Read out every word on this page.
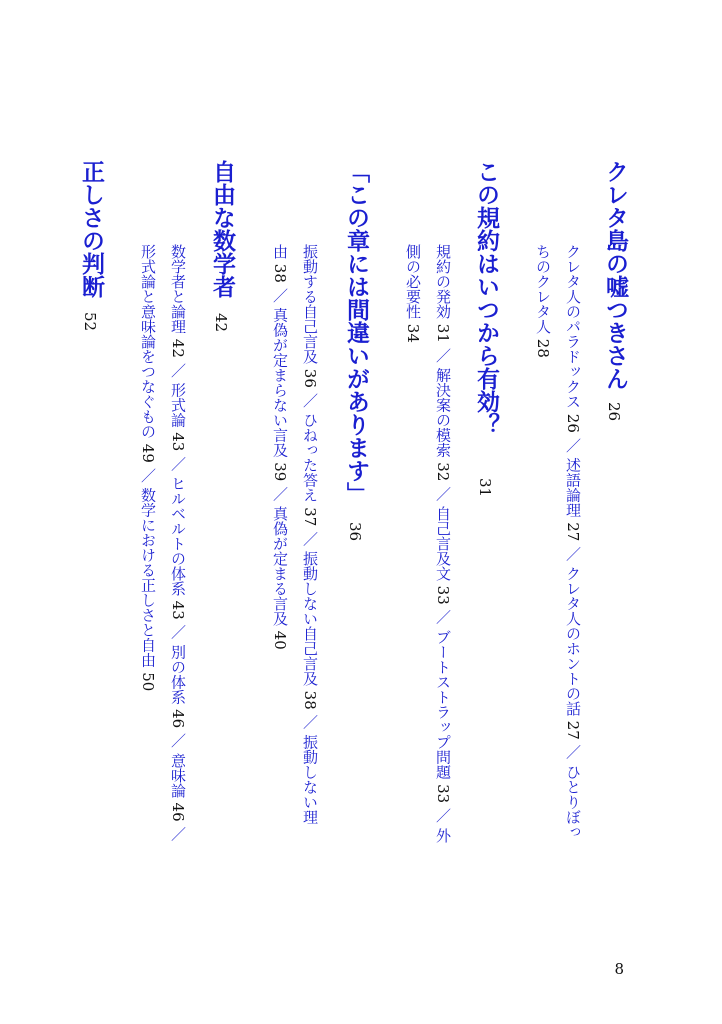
クレタ島の嘘つきさん
26
クレタ人のパラドックス 26 ／ 述語論理 27 ／ クレタ人のホントの話 27 ／ ひとりぼっ
ちのクレタ人 28
この規約はいつから有効？
31
規約の発効 31 ／ 解決案の模索 32 ／ 自己言及文 33 ／ ブートストラップ問題 33 ／ 外
側の必要性 34
「この章には間違いがあります」
36
振動する自己言及 36 ／ ひねった答え 37 ／ 振動しない自己言及 38 ／ 振動しない理
由 38 ／ 真偽が定まらない言及 39 ／ 真偽が定まる言及 40
自由な数学者
42
数学者と論理 42 ／ 形式論 43 ／ ヒルベルトの体系 43 ／ 別の体系 46 ／ 意味論 46 ／
形式論と意味論をつなぐもの 49 ／ 数学における正しさと自由 50
正しさの判断
52
8
